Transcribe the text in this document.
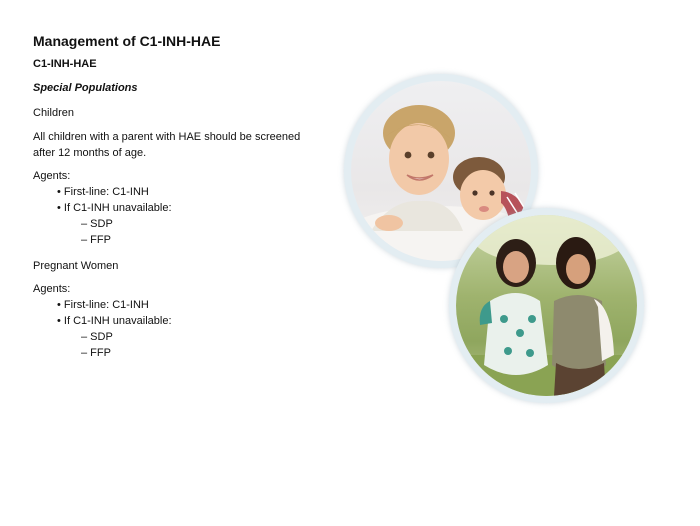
Management of C1-INH-HAE
C1-INH-HAE
Special Populations
Children
All children with a parent with HAE should be screened after 12 months of age.
Agents:
• First-line: C1-INH
• If C1-INH unavailable:
– SDP
– FFP
Pregnant Women
Agents:
• First-line: C1-INH
• If C1-INH unavailable:
– SDP
– FFP
